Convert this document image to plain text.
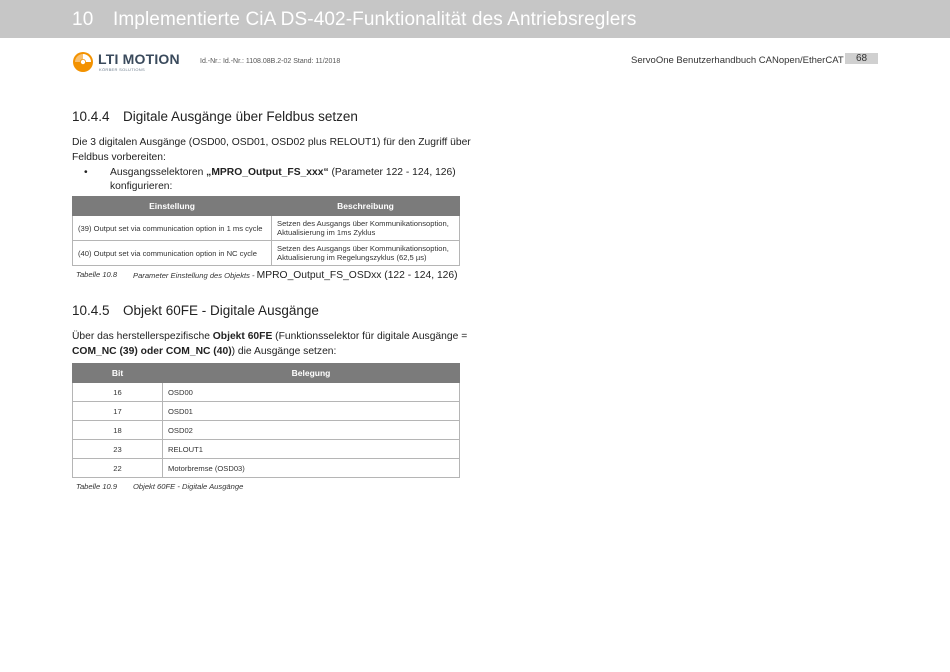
10 Implementierte CiA DS-402-Funktionalität des Antriebsreglers
LTI MOTION
KÖRBER SOLUTIONS
Id.-Nr.: Id.-Nr.: 1108.08B.2-02 Stand: 11/2018	ServoOne Benutzerhandbuch CANopen/EtherCAT	68
10.4.4 Digitale Ausgänge über Feldbus setzen
Die 3 digitalen Ausgänge (OSD00, OSD01, OSD02 plus RELOUT1) für den Zugriff über Feldbus vorbereiten:
• Ausgangsselektoren „MPRO_Output_FS_xxx“ (Parameter 122 - 124, 126) konfigurieren:
Einstellung	Beschreibung
(39) Output set via communication option in 1 ms cycle	Setzen des Ausgangs über Kommunikationsoption, Aktualisierung im 1ms Zyklus
(40) Output set via communication option in NC cycle	Setzen des Ausgangs über Kommunikationsoption, Aktualisierung im Regelungszyklus (62,5 µs)
Tabelle 10.8 Parameter Einstellung des Objekts - MPRO_Output_FS_OSDxx (122 - 124, 126)
10.4.5 Objekt 60FE - Digitale Ausgänge
Über das herstellerspezifische Objekt 60FE (Funktionsselektor für digitale Ausgänge = COM_NC (39) oder COM_NC (40)) die Ausgänge setzen:
Bit	Belegung
16	OSD00
17	OSD01
18	OSD02
23	RELOUT1
22	Motorbremse (OSD03)
Tabelle 10.9 Objekt 60FE - Digitale Ausgänge
